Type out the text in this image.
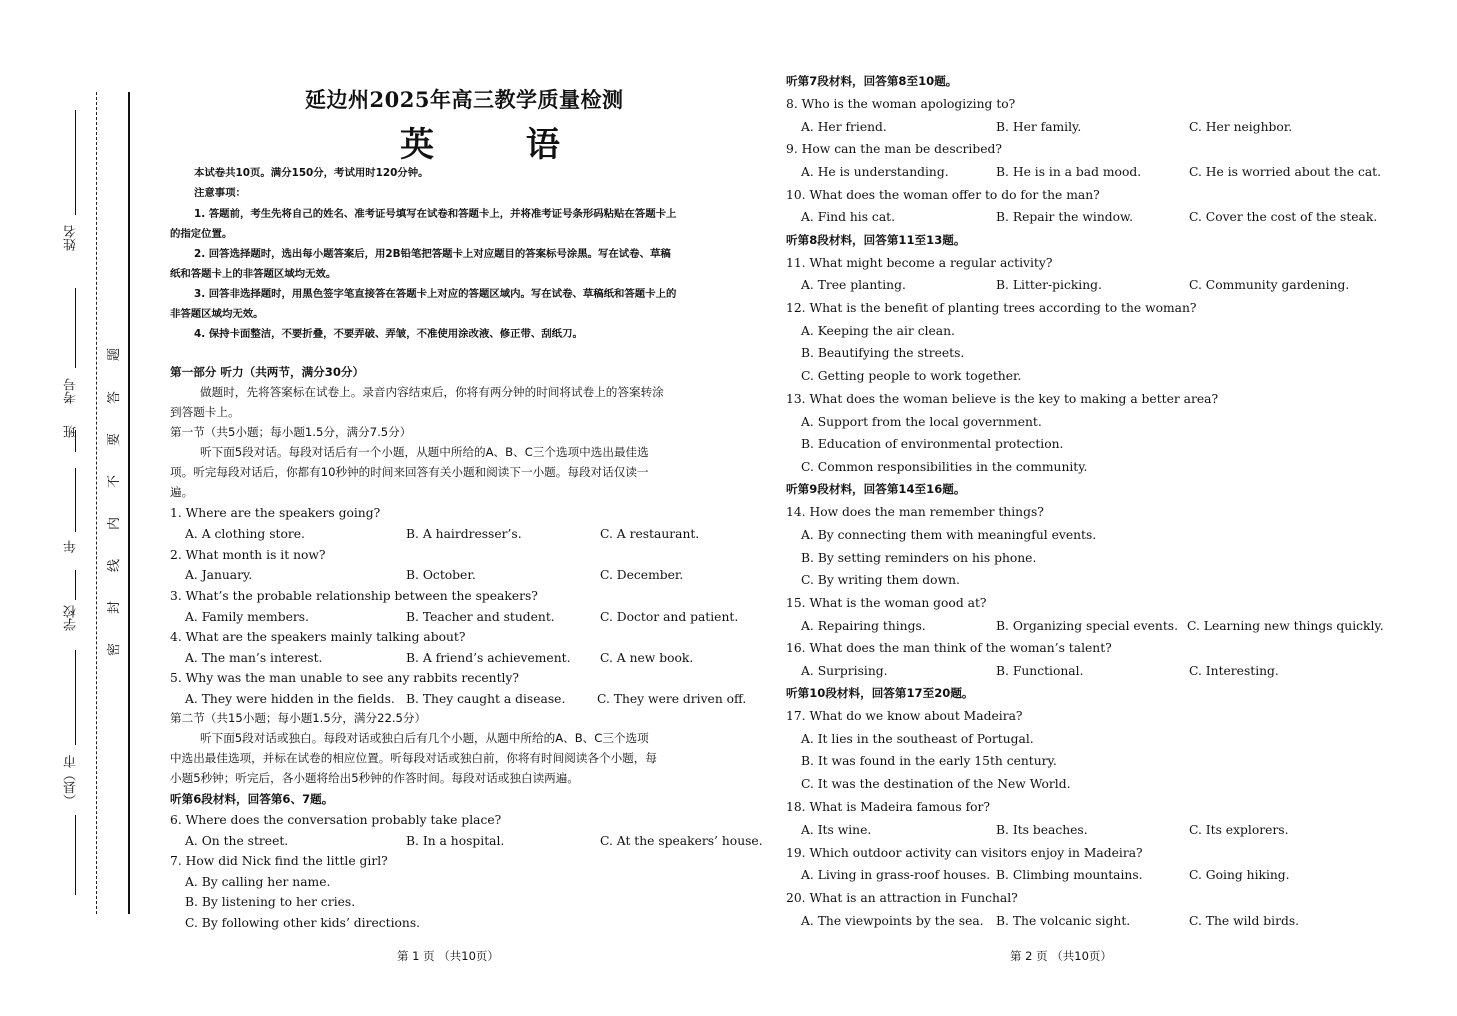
姓名
考号
班
年
学校
（县）市
题
答
要
不
内
线
封
密
延边州2025年高三教学质量检测
英 语
本试卷共10页。满分150分，考试用时120分钟。
注意事项：
1. 答题前，考生先将自己的姓名、准考证号填写在试卷和答题卡上，并将准考证号条形码粘贴在答题卡上
的指定位置。
2. 回答选择题时，选出每小题答案后，用2B铅笔把答题卡上对应题目的答案标号涂黑。写在试卷、草稿
纸和答题卡上的非答题区域均无效。
3. 回答非选择题时，用黑色签字笔直接答在答题卡上对应的答题区域内。写在试卷、草稿纸和答题卡上的
非答题区域均无效。
4. 保持卡面整洁，不要折叠，不要弄破、弄皱，不准使用涂改液、修正带、刮纸刀。
第一部分 听力（共两节，满分30分）
做题时，先将答案标在试卷上。录音内容结束后，你将有两分钟的时间将试卷上的答案转涂
到答题卡上。
第一节（共5小题；每小题1.5分，满分7.5分）
听下面5段对话。每段对话后有一个小题，从题中所给的A、B、C三个选项中选出最佳选
项。听完每段对话后，你都有10秒钟的时间来回答有关小题和阅读下一小题。每段对话仅读一
遍。
1. Where are the speakers going?
A. A clothing store.	B. A hairdresser’s.	C. A restaurant.
2. What month is it now?
A. January.	B. October.	C. December.
3. What’s the probable relationship between the speakers?
A. Family members.	B. Teacher and student.	C. Doctor and patient.
4. What are the speakers mainly talking about?
A. The man’s interest.	B. A friend’s achievement. C. A new book.
5. Why was the man unable to see any rabbits recently?
A. They were hidden in the fields. B. They caught a disease.	C. They were driven off.
第二节（共15小题；每小题1.5分，满分22.5分）
听下面5段对话或独白。每段对话或独白后有几个小题，从题中所给的A、B、C三个选项
中选出最佳选项，并标在试卷的相应位置。听每段对话或独白前，你将有时间阅读各个小题，每
小题5秒钟；听完后，各小题将给出5秒钟的作答时间。每段对话或独白读两遍。
听第6段材料，回答第6、7题。
6. Where does the conversation probably take place?
A. On the street.	B. In a hospital.	C. At the speakers’ house.
7. How did Nick find the little girl?
A. By calling her name.
B. By listening to her cries.
C. By following other kids’ directions.
第 1 页 （共10页）
听第7段材料，回答第8至10题。
8. Who is the woman apologizing to?
A. Her friend.	B. Her family.	C. Her neighbor.
9. How can the man be described?
A. He is understanding.	B. He is in a bad mood.	C. He is worried about the cat.
10. What does the woman offer to do for the man?
A. Find his cat.	B. Repair the window.	C. Cover the cost of the steak.
听第8段材料，回答第11至13题。
11. What might become a regular activity?
A. Tree planting.	B. Litter-picking.	C. Community gardening.
12. What is the benefit of planting trees according to the woman?
A. Keeping the air clean.
B. Beautifying the streets.
C. Getting people to work together.
13. What does the woman believe is the key to making a better area?
A. Support from the local government.
B. Education of environmental protection.
C. Common responsibilities in the community.
听第9段材料，回答第14至16题。
14. How does the man remember things?
A. By connecting them with meaningful events.
B. By setting reminders on his phone.
C. By writing them down.
15. What is the woman good at?
A. Repairing things.	B. Organizing special events. C. Learning new things quickly.
16. What does the man think of the woman’s talent?
A. Surprising.	B. Functional.	C. Interesting.
听第10段材料，回答第17至20题。
17. What do we know about Madeira?
A. It lies in the southeast of Portugal.
B. It was found in the early 15th century.
C. It was the destination of the New World.
18. What is Madeira famous for?
A. Its wine.	B. Its beaches.	C. Its explorers.
19. Which outdoor activity can visitors enjoy in Madeira?
A. Living in grass-roof houses. B. Climbing mountains.	C. Going hiking.
20. What is an attraction in Funchal?
A. The viewpoints by the sea. B. The volcanic sight.	C. The wild birds.
第 2 页 （共10页）
